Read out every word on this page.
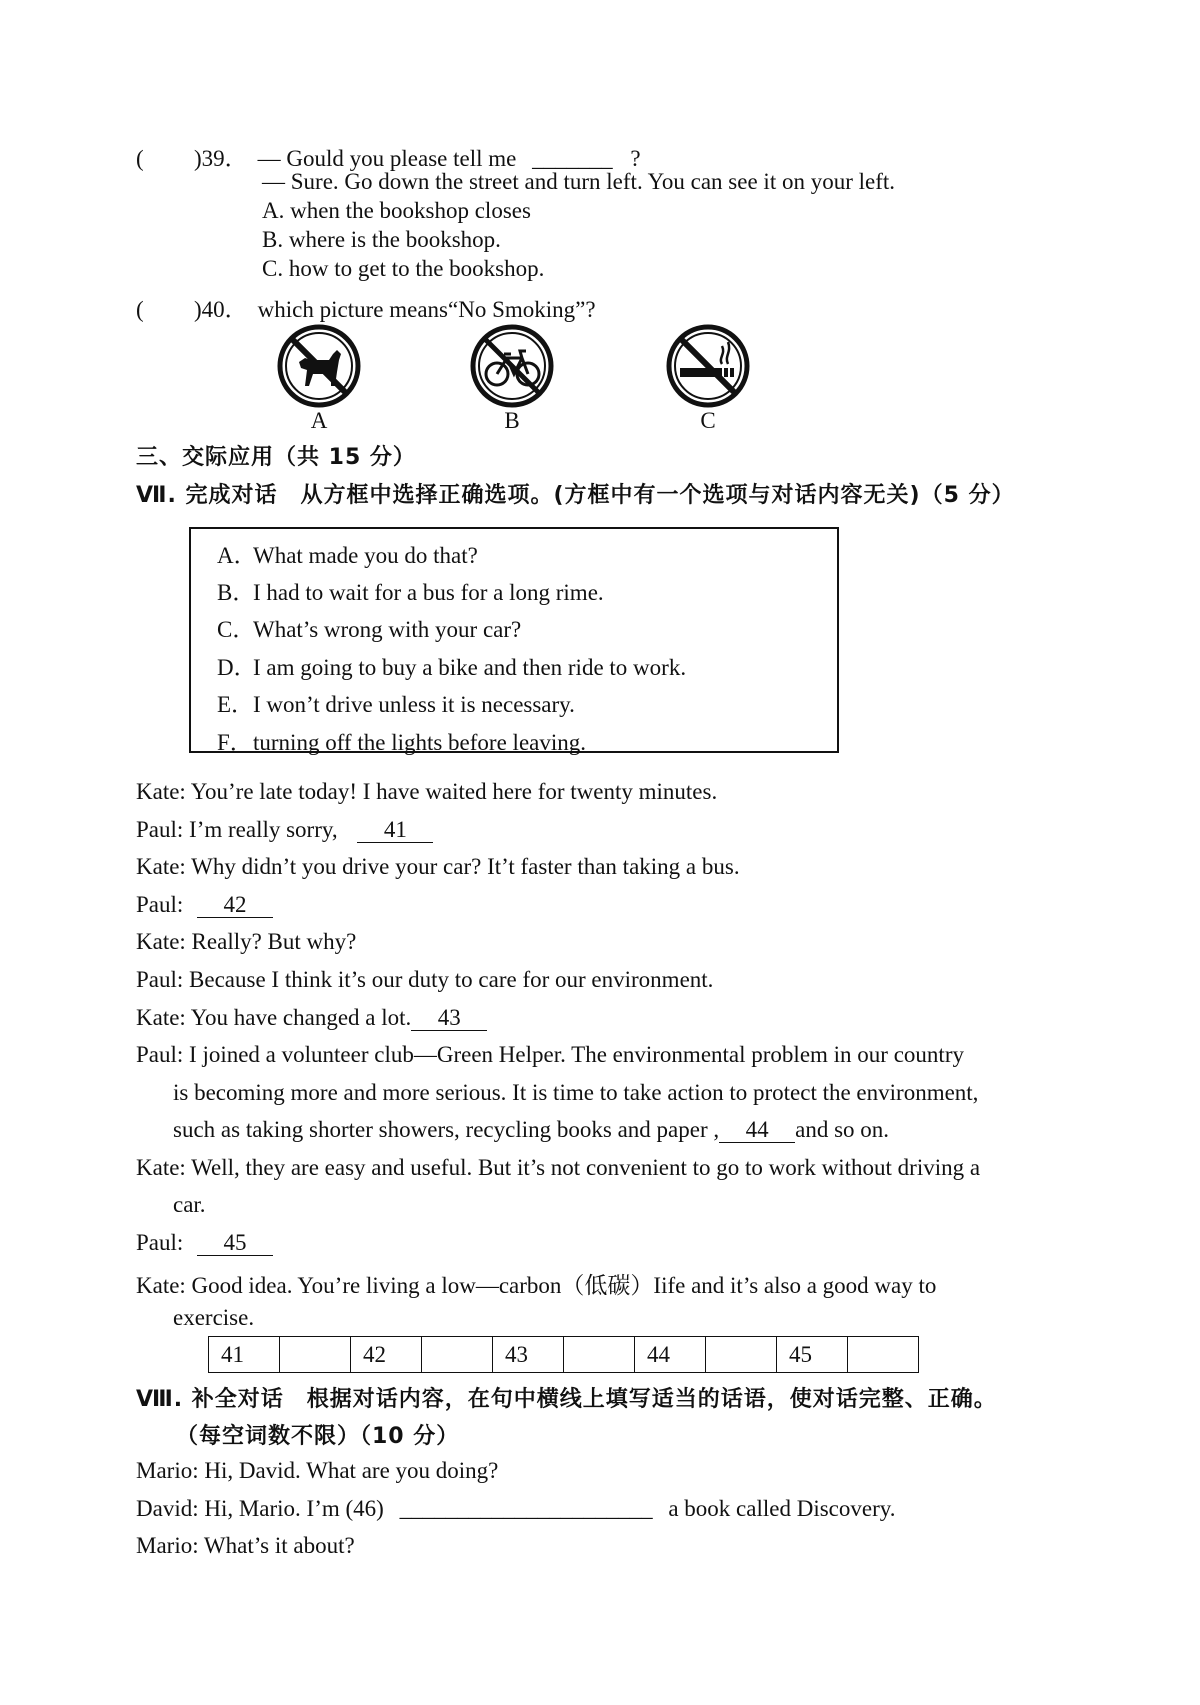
( )39． — Gould you please tell me _______ ?
— Sure. Go down the street and turn left. You can see it on your left.
A. when the bookshop closes
B. where is the bookshop.
C. how to get to the bookshop.
( )40． which picture means“No Smoking”?
A	B	C
三、交际应用（共 15 分）
Ⅶ. 完成对话　从方框中选择正确选项。(方框中有一个选项与对话内容无关)（5 分）
A．What made you do that?
B．I had to wait for a bus for a long rime.
C．What’s wrong with your car?
D．I am going to buy a bike and then ride to work.
E．I won’t drive unless it is necessary.
F．turning off the lights before leaving.
Kate: You’re late today! I have waited here for twenty minutes.
Paul: I’m really sorry, 41
Kate: Why didn’t you drive your car? It’t faster than taking a bus.
Paul: 42
Kate: Really? But why?
Paul: Because I think it’s our duty to care for our environment.
Kate: You have changed a lot. 43
Paul: I joined a volunteer club—Green Helper. The environmental problem in our country
is becoming more and more serious. It is time to take action to protect the environment,
such as taking shorter showers, recycling books and paper , 44 and so on.
Kate: Well, they are easy and useful. But it’s not convenient to go to work without driving a
car.
Paul: 45
Kate: Good idea. You’re living a low—carbon（低碳）Iife and it’s also a good way to
exercise.
41		42		43		44		45	
Ⅷ. 补全对话　根据对话内容，在句中横线上填写适当的话语，使对话完整、正确。
（每空词数不限）（10 分）
Mario: Hi, David. What are you doing?
David: Hi, Mario. I’m (46) ______________________ a book called Discovery.
Mario: What’s it about?
